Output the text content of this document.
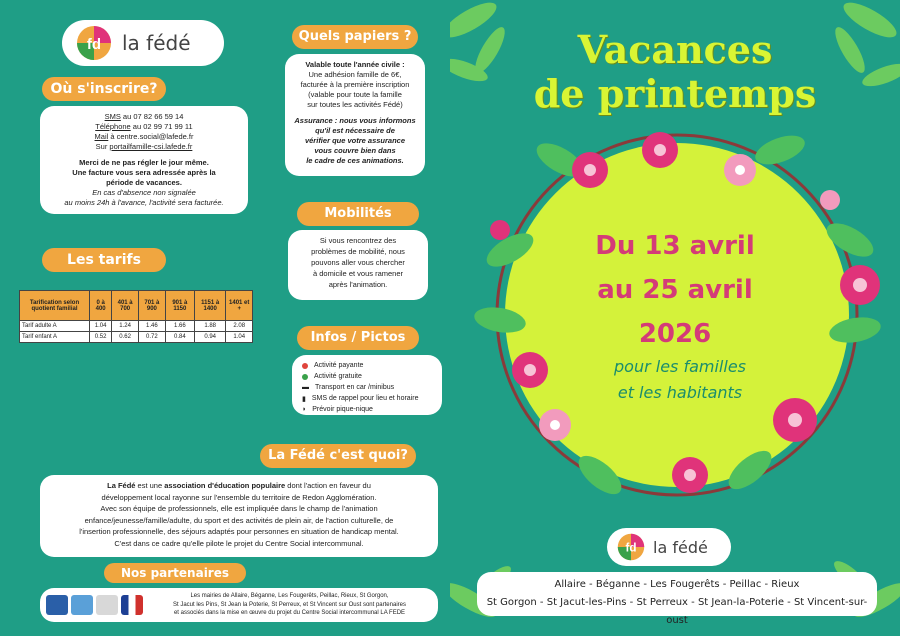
fd la fédé
Où s'inscrire?
SMS au 07 82 66 59 14
Téléphone au 02 99 71 99 11
Mail à centre.social@lafede.fr
Sur portailfamille-csi.lafede.fr
Merci de ne pas régler le jour même.
Une facture vous sera adressée après la
période de vacances.
En cas d'absence non signalée
au moins 24h à l'avance, l'activité sera facturée.
Les tarifs
Tarification selon quotient familial	0 à 400	401 à 700	701 à 900	901 à 1150	1151 à 1400	1401 et +
Tarif adulte A	1.04	1.24	1.46	1.66	1.88	2.08
Tarif enfant A	0.52	0.62	0.72	0.84	0.94	1.04
Quels papiers ?
Valable toute l'année civile :
Une adhésion famille de 6€,
facturée à la première inscription
(valable pour toute la famille
sur toutes les activités Fédé)
Assurance : nous vous informons
qu'il est nécessaire de
vérifier que votre assurance
vous couvre bien dans
le cadre de ces animations.
Mobilités
Si vous rencontrez des
problèmes de mobilité, nous
pouvons aller vous chercher
à domicile et vous ramener
après l'animation.
Infos / Pictos
Activité payante
Activité gratuite
▬ Transport en car /minibus
▮ SMS de rappel pour lieu et horaire
◗ Prévoir pique-nique
La Fédé c'est quoi?
La Fédé est une association d'éducation populaire dont l'action en faveur du
développement local rayonne sur l'ensemble du territoire de Redon Agglomération.
Avec son équipe de professionnels, elle est impliquée dans le champ de l'animation
enfance/jeunesse/famille/adulte, du sport et des activités de plein air, de l'action culturelle, de
l'insertion professionnelle, des séjours adaptés pour personnes en situation de handicap mental.
C'est dans ce cadre qu'elle pilote le projet du Centre Social intercommunal.
Nos partenaires
Les mairies de Allaire, Béganne, Les Fougerêts, Peillac, Rieux, St Gorgon,
St Jacut les Pins, St Jean la Poterie, St Perreux, et St Vincent sur Oust sont partenaires
et associés dans la mise en œuvre du projet du Centre Social intercommunal LA FEDE
Vacances
de printemps
Du 13 avril
au 25 avril
2026
pour les familles
et les habitants
fd la fédé
Allaire - Béganne - Les Fougerêts - Peillac - Rieux
St Gorgon - St Jacut-les-Pins - St Perreux - St Jean-la-Poterie - St Vincent-sur-oust
